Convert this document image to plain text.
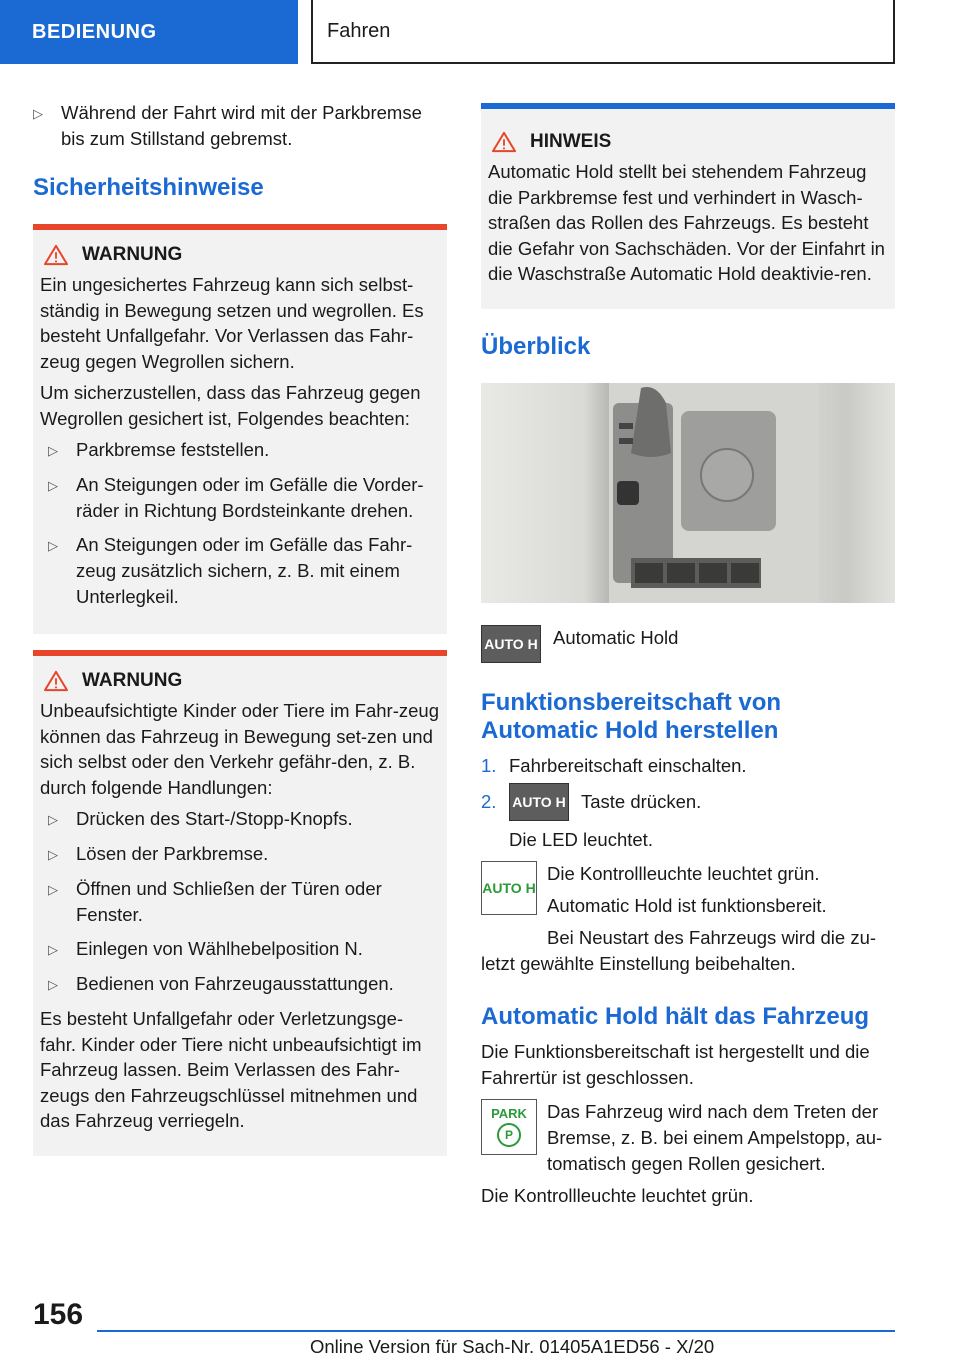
BEDIENUNG	Fahren
▷ Während der Fahrt wird mit der Parkbremse bis zum Stillstand gebremst.
Sicherheitshinweise
WARNUNG

Ein ungesichertes Fahrzeug kann sich selbst-ständig in Bewegung setzen und wegrollen. Es besteht Unfallgefahr. Vor Verlassen das Fahr-zeug gegen Wegrollen sichern.

Um sicherzustellen, dass das Fahrzeug gegen Wegrollen gesichert ist, Folgendes beachten:

▷ Parkbremse feststellen.
▷ An Steigungen oder im Gefälle die Vorder-räder in Richtung Bordsteinkante drehen.
▷ An Steigungen oder im Gefälle das Fahr-zeug zusätzlich sichern, z. B. mit einem Unterlegkeil.
WARNUNG

Unbeaufsichtigte Kinder oder Tiere im Fahr-zeug können das Fahrzeug in Bewegung set-zen und sich selbst oder den Verkehr gefähr-den, z. B. durch folgende Handlungen:

▷ Drücken des Start-/Stopp-Knopfs.
▷ Lösen der Parkbremse.
▷ Öffnen und Schließen der Türen oder Fenster.
▷ Einlegen von Wählhebelposition N.
▷ Bedienen von Fahrzeugausstattungen.

Es besteht Unfallgefahr oder Verletzungsge-fahr. Kinder oder Tiere nicht unbeaufsichtigt im Fahrzeug lassen. Beim Verlassen des Fahr-zeugs den Fahrzeugschlüssel mitnehmen und das Fahrzeug verriegeln.

HINWEIS

Automatic Hold stellt bei stehendem Fahrzeug die Parkbremse fest und verhindert in Wasch-straßen das Rollen des Fahrzeugs. Es besteht die Gefahr von Sachschäden. Vor der Einfahrt in die Waschstraße Automatic Hold deaktivie-ren.

Überblick
AUTO H Automatic Hold
Funktionsbereitschaft von Automatic Hold herstellen
1. Fahrbereitschaft einschalten.
2.	AUTO H Taste drücken.

Die LED leuchtet.

AUTO H

Die Kontrollleuchte leuchtet grün.

Automatic Hold ist funktionsbereit.

Bei Neustart des Fahrzeugs wird die zu-letzt gewählte Einstellung beibehalten.

Automatic Hold hält das Fahrzeug

Die Funktionsbereitschaft ist hergestellt und die Fahrertür ist geschlossen.

PARK
P

Das Fahrzeug wird nach dem Treten der Bremse, z. B. bei einem Ampelstopp, au-tomatisch gegen Rollen gesichert.

Die Kontrollleuchte leuchtet grün.

156
Online Version für Sach-Nr. 01405A1ED56 - X/20
